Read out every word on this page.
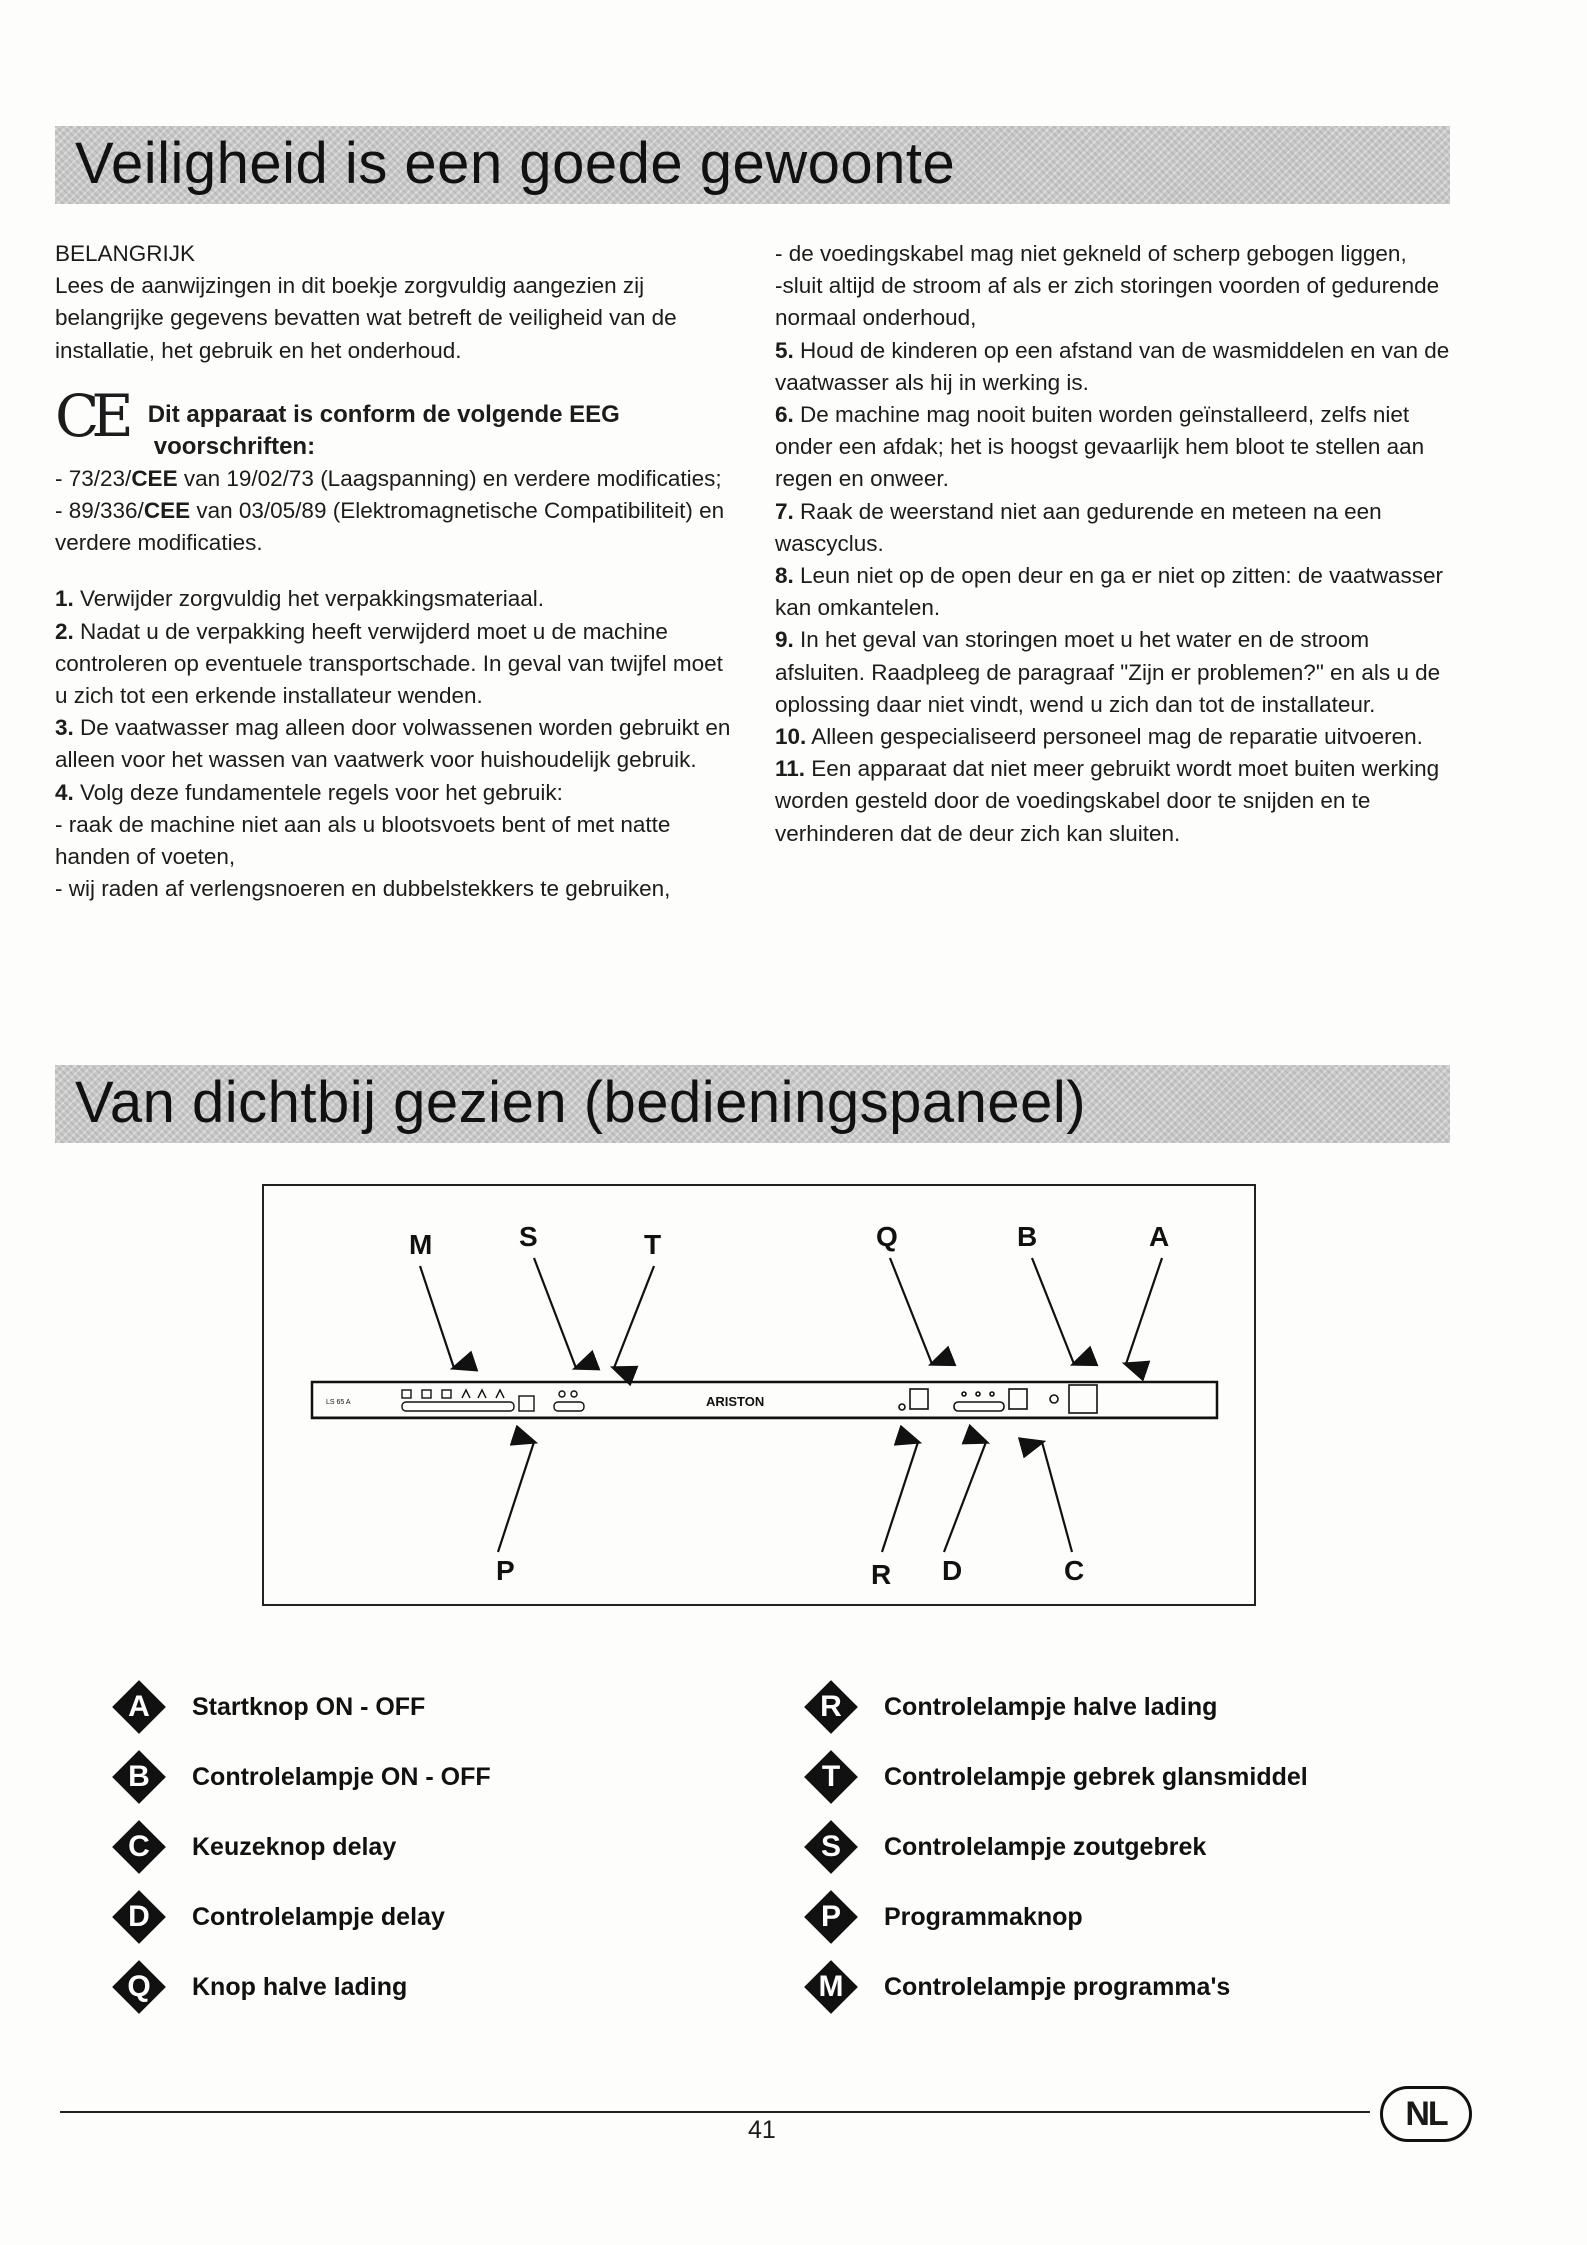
Veiligheid is een goede gewoonte

BELANGRIJK

Lees de aanwijzingen in dit boekje zorgvuldig aangezien zij belangrijke gegevens bevatten wat betreft de veiligheid van de installatie, het gebruik en het onderhoud.

CE Dit apparaat is conform de volgende EEG
voorschriften:

- 73/23/CEE van 19/02/73 (Laagspanning) en verdere modificaties;

- 89/336/CEE van 03/05/89 (Elektromagnetische Compatibiliteit) en verdere modificaties.

1. Verwijder zorgvuldig het verpakkingsmateriaal.

2. Nadat u de verpakking heeft verwijderd moet u de machine controleren op eventuele transportschade. In geval van twijfel moet u zich tot een erkende installateur wenden.

3. De vaatwasser mag alleen door volwassenen worden gebruikt en alleen voor het wassen van vaatwerk voor huishoudelijk gebruik.

4. Volg deze fundamentele regels voor het gebruik:

- raak de machine niet aan als u blootsvoets bent of met natte handen of voeten,

- wij raden af verlengsnoeren en dubbelstekkers te gebruiken,

- de voedingskabel mag niet gekneld of scherp gebogen liggen,

-sluit altijd de stroom af als er zich storingen voorden of gedurende normaal onderhoud,

5. Houd de kinderen op een afstand van de wasmiddelen en van de vaatwasser als hij in werking is.

6. De machine mag nooit buiten worden geïnstalleerd, zelfs niet onder een afdak; het is hoogst gevaarlijk hem bloot te stellen aan regen en onweer.

7. Raak de weerstand niet aan gedurende en meteen na een wascyclus.

8. Leun niet op de open deur en ga er niet op zitten: de vaatwasser kan omkantelen.

9. In het geval van storingen moet u het water en de stroom afsluiten. Raadpleeg de paragraaf "Zijn er problemen?" en als u de oplossing daar niet vindt, wend u zich dan tot de installateur.

10. Alleen gespecialiseerd personeel mag de reparatie uitvoeren.

11. Een apparaat dat niet meer gebruikt wordt moet buiten werking worden gesteld door de voedingskabel door te snijden en te verhinderen dat de deur zich kan sluiten.

Van dichtbij gezien (bedieningspaneel)
M	S	T	Q	B	A
P	R D	C
LS 65 A	ARISTON
A	Startknop ON - OFF
B	Controlelampje ON - OFF
C	Keuzeknop delay
D	Controlelampje delay
Q	Knop halve lading
R	Controlelampje halve lading
T	Controlelampje gebrek glansmiddel
S	Controlelampje zoutgebrek
P	Programmaknop
M	Controlelampje programma's
41	NL
